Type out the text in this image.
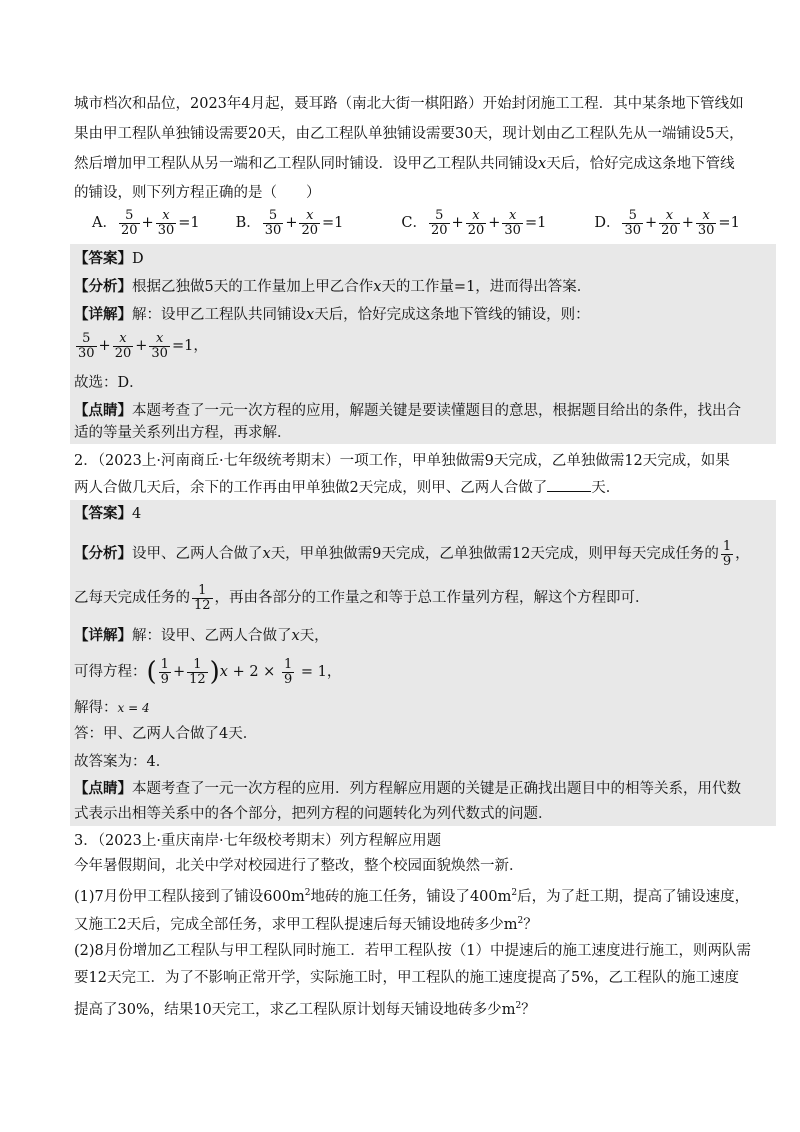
城市档次和品位，2023年4月起，聂耳路（南北大街一棋阳路）开始封闭施工工程．其中某条地下管线如
果由甲工程队单独铺设需要20天，由乙工程队单独铺设需要30天，现计划由乙工程队先从一端铺设5天，
然后增加甲工程队从另一端和乙工程队同时铺设．设甲乙工程队共同铺设x天后，恰好完成这条地下管线
的铺设，则下列方程正确的是（　　）
A． $\frac{5}{20} + \frac{x}{30} =1$ B． $\frac{5}{30} + \frac{x}{20} =1$	C． $\frac{5}{20} + \frac{x}{20} + \frac{x}{30} =1$	D． $\frac{5}{30} + \frac{x}{20} + \frac{x}{30} =1$
【答案】D
【分析】根据乙独做5天的工作量加上甲乙合作x天的工作量=1，进而得出答案．
【详解】解：设甲乙工程队共同铺设x天后，恰好完成这条地下管线的铺设，则：
$\frac{5}{30} + \frac{x}{20} + \frac{x}{30} =1$，
故选：D．
【点睛】本题考查了一元一次方程的应用，解题关键是要读懂题目的意思，根据题目给出的条件，找出合
适的等量关系列出方程，再求解．
2．（2023上·河南商丘·七年级统考期末）一项工作，甲单独做需9天完成，乙单独做需12天完成，如果
两人合做几天后，余下的工作再由甲单独做2天完成，则甲、乙两人合做了	天．
【答案】4
【分析】设甲、乙两人合做了x天，甲单独做需9天完成，乙单独做需12天完成，则甲每天完成任务的 $\frac{1}{9}$ ，
乙每天完成任务的 $\frac{1}{12}$ ，再由各部分的工作量之和等于总工作量列方程，解这个方程即可．
【详解】解：设甲、乙两人合做了x天，
可得方程：( $\frac{1}{9} + \frac{1}{12} )x + 2 \times \frac{1}{9} = 1$，
解得：x = 4
答：甲、乙两人合做了4天．
故答案为：4．
【点睛】本题考查了一元一次方程的应用．列方程解应用题的关键是正确找出题目中的相等关系，用代数
式表示出相等关系中的各个部分，把列方程的问题转化为列代数式的问题．
3．（2023上·重庆南岸·七年级校考期末）列方程解应用题
今年暑假期间，北关中学对校园进行了整改，整个校园面貌焕然一新．
(1)7月份甲工程队接到了铺设$600m^2$地砖的施工任务，铺设了$400m^2$后，为了赶工期，提高了铺设速度，
又施工2天后，完成全部任务，求甲工程队提速后每天铺设地砖多少$m^2$？
(2)8月份增加乙工程队与甲工程队同时施工．若甲工程队按（1）中提速后的施工速度进行施工，则两队需
要12天完工．为了不影响正常开学，实际施工时，甲工程队的施工速度提高了5%，乙工程队的施工速度
提高了30%，结果10天完工，求乙工程队原计划每天铺设地砖多少$m^2$？
